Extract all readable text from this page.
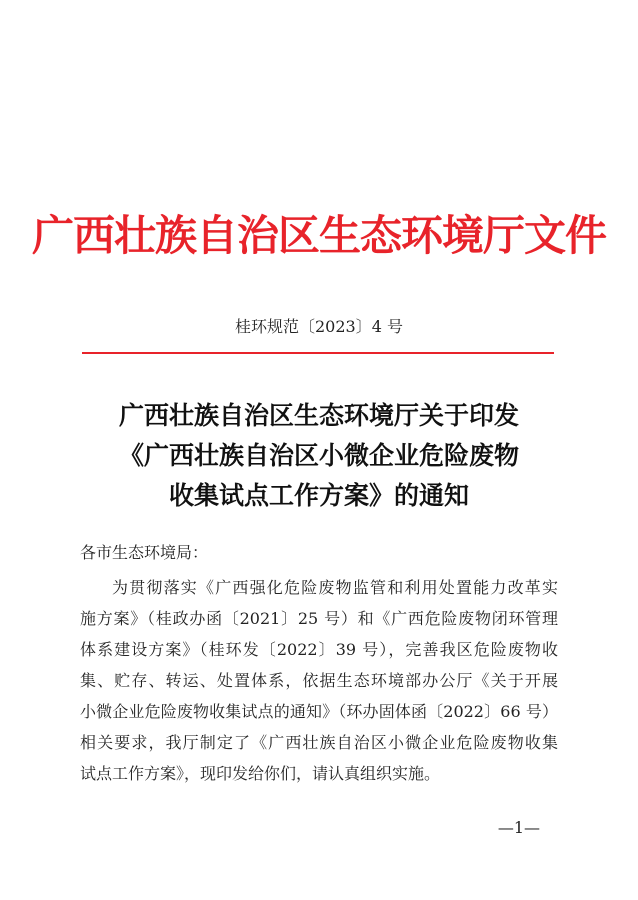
广西壮族自治区生态环境厅文件
桂环规范〔2023〕4 号
广西壮族自治区生态环境厅关于印发
《广西壮族自治区小微企业危险废物
收集试点工作方案》的通知
各市生态环境局：
为贯彻落实《广西强化危险废物监管和利用处置能力改革实
施方案》（桂政办函〔2021〕25 号）和《广西危险废物闭环管理
体系建设方案》（桂环发〔2022〕39 号），完善我区危险废物收
集、贮存、转运、处置体系，依据生态环境部办公厅《关于开展
小微企业危险废物收集试点的通知》（环办固体函〔2022〕66 号）
相关要求，我厅制定了《广西壮族自治区小微企业危险废物收集
试点工作方案》，现印发给你们，请认真组织实施。
—1—
